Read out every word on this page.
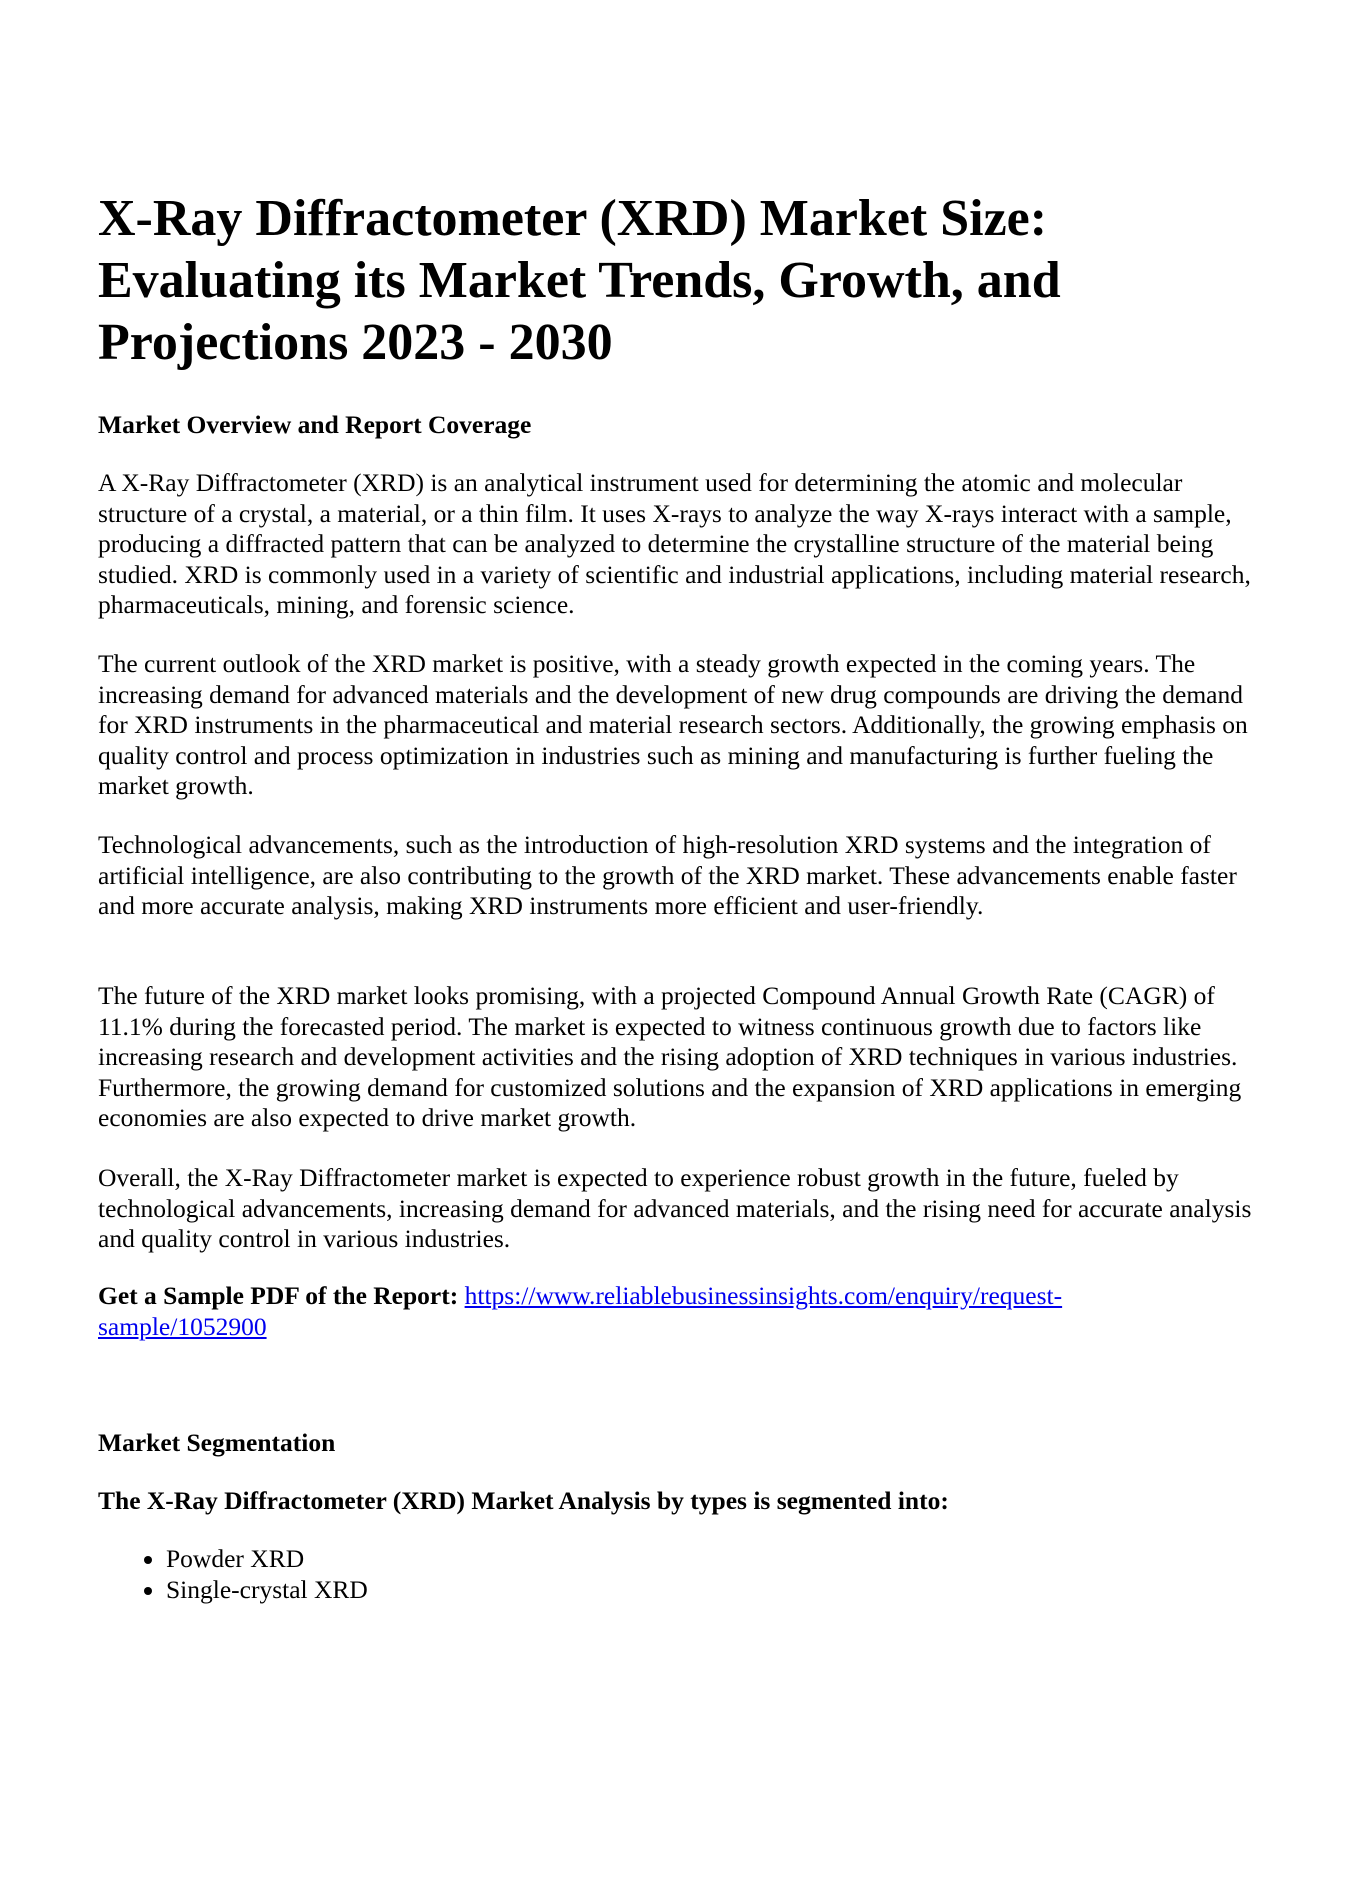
X-Ray Diffractometer (XRD) Market Size: Evaluating its Market Trends, Growth, and Projections 2023 - 2030
Market Overview and Report Coverage

A X-Ray Diffractometer (XRD) is an analytical instrument used for determining the atomic and molecular structure of a crystal, a material, or a thin film. It uses X-rays to analyze the way X-rays interact with a sample, producing a diffracted pattern that can be analyzed to determine the crystalline structure of the material being studied. XRD is commonly used in a variety of scientific and industrial applications, including material research, pharmaceuticals, mining, and forensic science.

The current outlook of the XRD market is positive, with a steady growth expected in the coming years. The increasing demand for advanced materials and the development of new drug compounds are driving the demand for XRD instruments in the pharmaceutical and material research sectors. Additionally, the growing emphasis on quality control and process optimization in industries such as mining and manufacturing is further fueling the market growth.

Technological advancements, such as the introduction of high-resolution XRD systems and the integration of artificial intelligence, are also contributing to the growth of the XRD market. These advancements enable faster and more accurate analysis, making XRD instruments more efficient and user-friendly.

The future of the XRD market looks promising, with a projected Compound Annual Growth Rate (CAGR) of 11.1% during the forecasted period. The market is expected to witness continuous growth due to factors like increasing research and development activities and the rising adoption of XRD techniques in various industries. Furthermore, the growing demand for customized solutions and the expansion of XRD applications in emerging economies are also expected to drive market growth.

Overall, the X-Ray Diffractometer market is expected to experience robust growth in the future, fueled by technological advancements, increasing demand for advanced materials, and the rising need for accurate analysis and quality control in various industries.

Get a Sample PDF of the Report: https://www.reliablebusinessinsights.com/enquiry/request-sample/1052900

Market Segmentation
The X-Ray Diffractometer (XRD) Market Analysis by types is segmented into:
• Powder XRD
• Single-crystal XRD
